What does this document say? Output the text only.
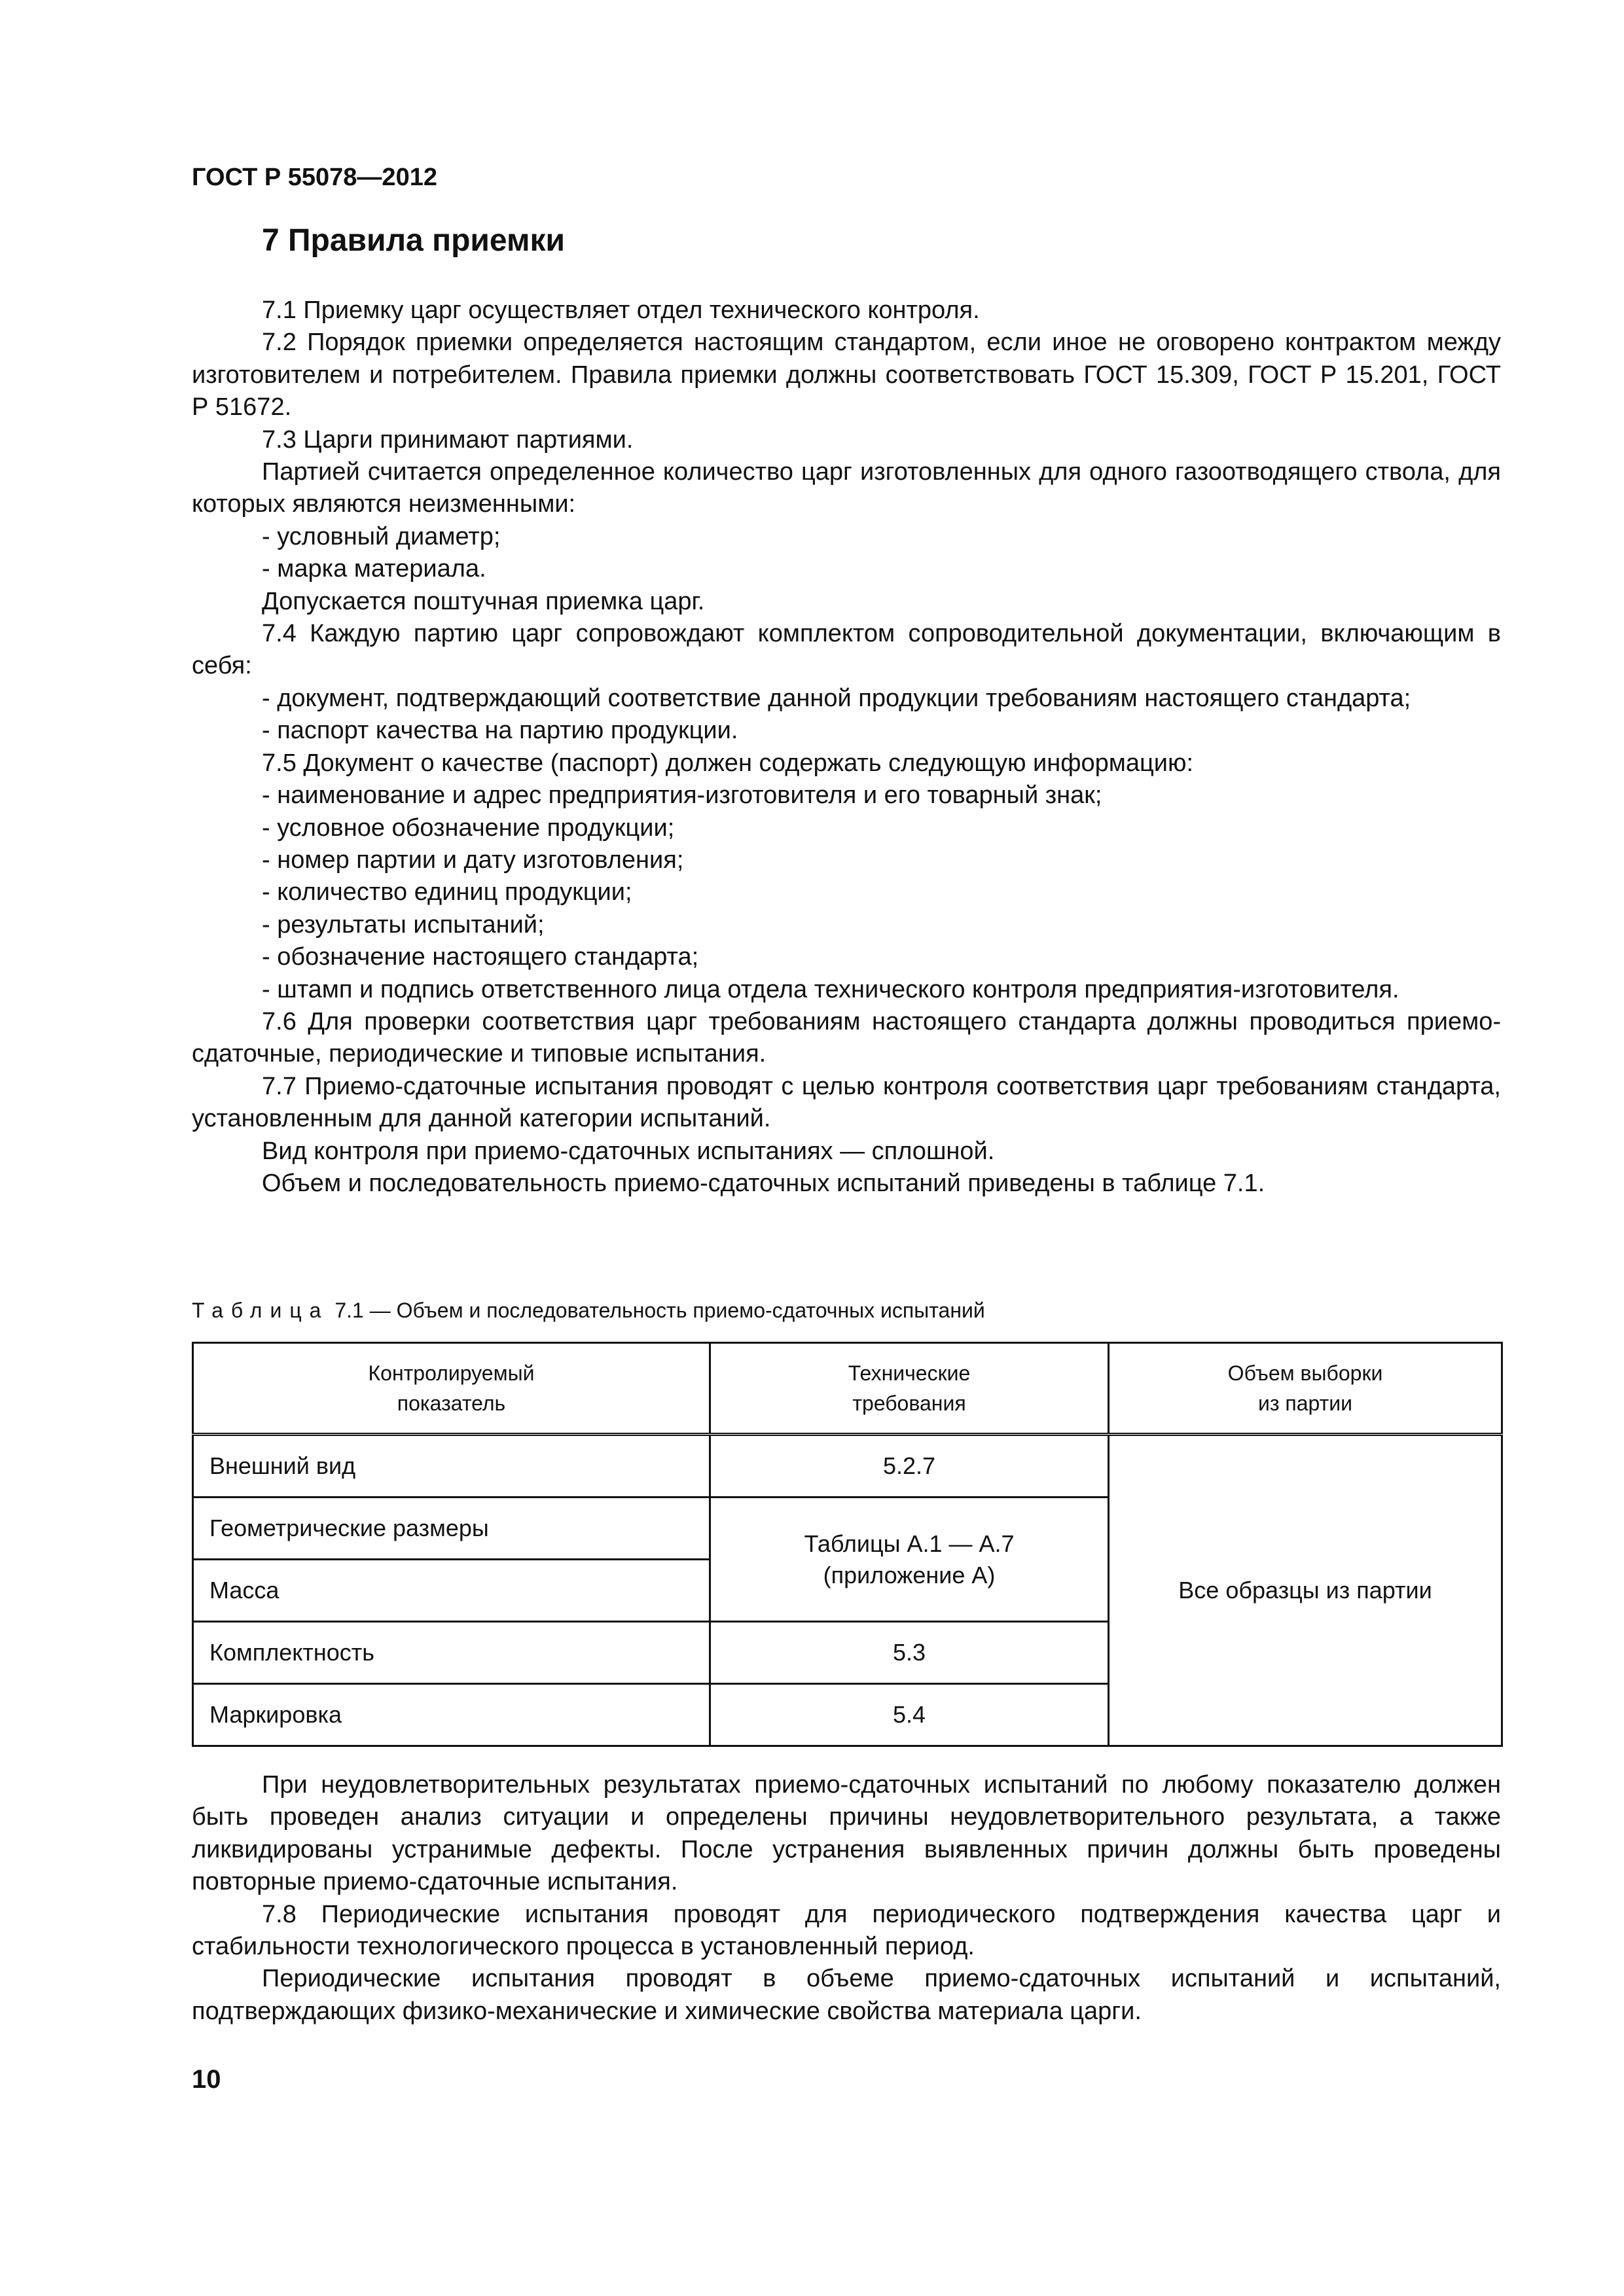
ГОСТ Р 55078—2012
7 Правила приемки

7.1 Приемку царг осуществляет отдел технического контроля.

7.2 Порядок приемки определяется настоящим стандартом, если иное не оговорено контрактом между изготовителем и потребителем. Правила приемки должны соответствовать ГОСТ 15.309, ГОСТ Р 15.201, ГОСТ Р 51672.

7.3 Царги принимают партиями.

Партией считается определенное количество царг изготовленных для одного газоотводящего ствола, для которых являются неизменными:

- условный диаметр;

- марка материала.

Допускается поштучная приемка царг.

7.4 Каждую партию царг сопровождают комплектом сопроводительной документации, включающим в себя:

- документ, подтверждающий соответствие данной продукции требованиям настоящего стандарта;

- паспорт качества на партию продукции.

7.5 Документ о качестве (паспорт) должен содержать следующую информацию:

- наименование и адрес предприятия-изготовителя и его товарный знак;

- условное обозначение продукции;

- номер партии и дату изготовления;

- количество единиц продукции;

- результаты испытаний;

- обозначение настоящего стандарта;

- штамп и подпись ответственного лица отдела технического контроля предприятия-изготовителя.

7.6 Для проверки соответствия царг требованиям настоящего стандарта должны проводиться приемо-сдаточные, периодические и типовые испытания.

7.7 Приемо-сдаточные испытания проводят с целью контроля соответствия царг требованиям стандарта, установленным для данной категории испытаний.

Вид контроля при приемо-сдаточных испытаниях — сплошной.

Объем и последовательность приемо-сдаточных испытаний приведены в таблице 7.1.

Таблица 7.1 — Объем и последовательность приемо-сдаточных испытаний
Контролируемый показатель	Технические требования	Объем выборки из партии

Внешний вид	5.2.7	Все образцы из партии
Геометрические размеры	Таблицы А.1 — А.7 (приложение А)	

Масса		
Комплектность	5.3	
Маркировка	5.4	

При неудовлетворительных результатах приемо-сдаточных испытаний по любому показателю должен быть проведен анализ ситуации и определены причины неудовлетворительного результата, а также ликвидированы устранимые дефекты. После устранения выявленных причин должны быть проведены повторные приемо-сдаточные испытания.

7.8 Периодические испытания проводят для периодического подтверждения качества царг и стабильности технологического процесса в установленный период.

Периодические испытания проводят в объеме приемо-сдаточных испытаний и испытаний, подтверждающих физико-механические и химические свойства материала царги.

10
